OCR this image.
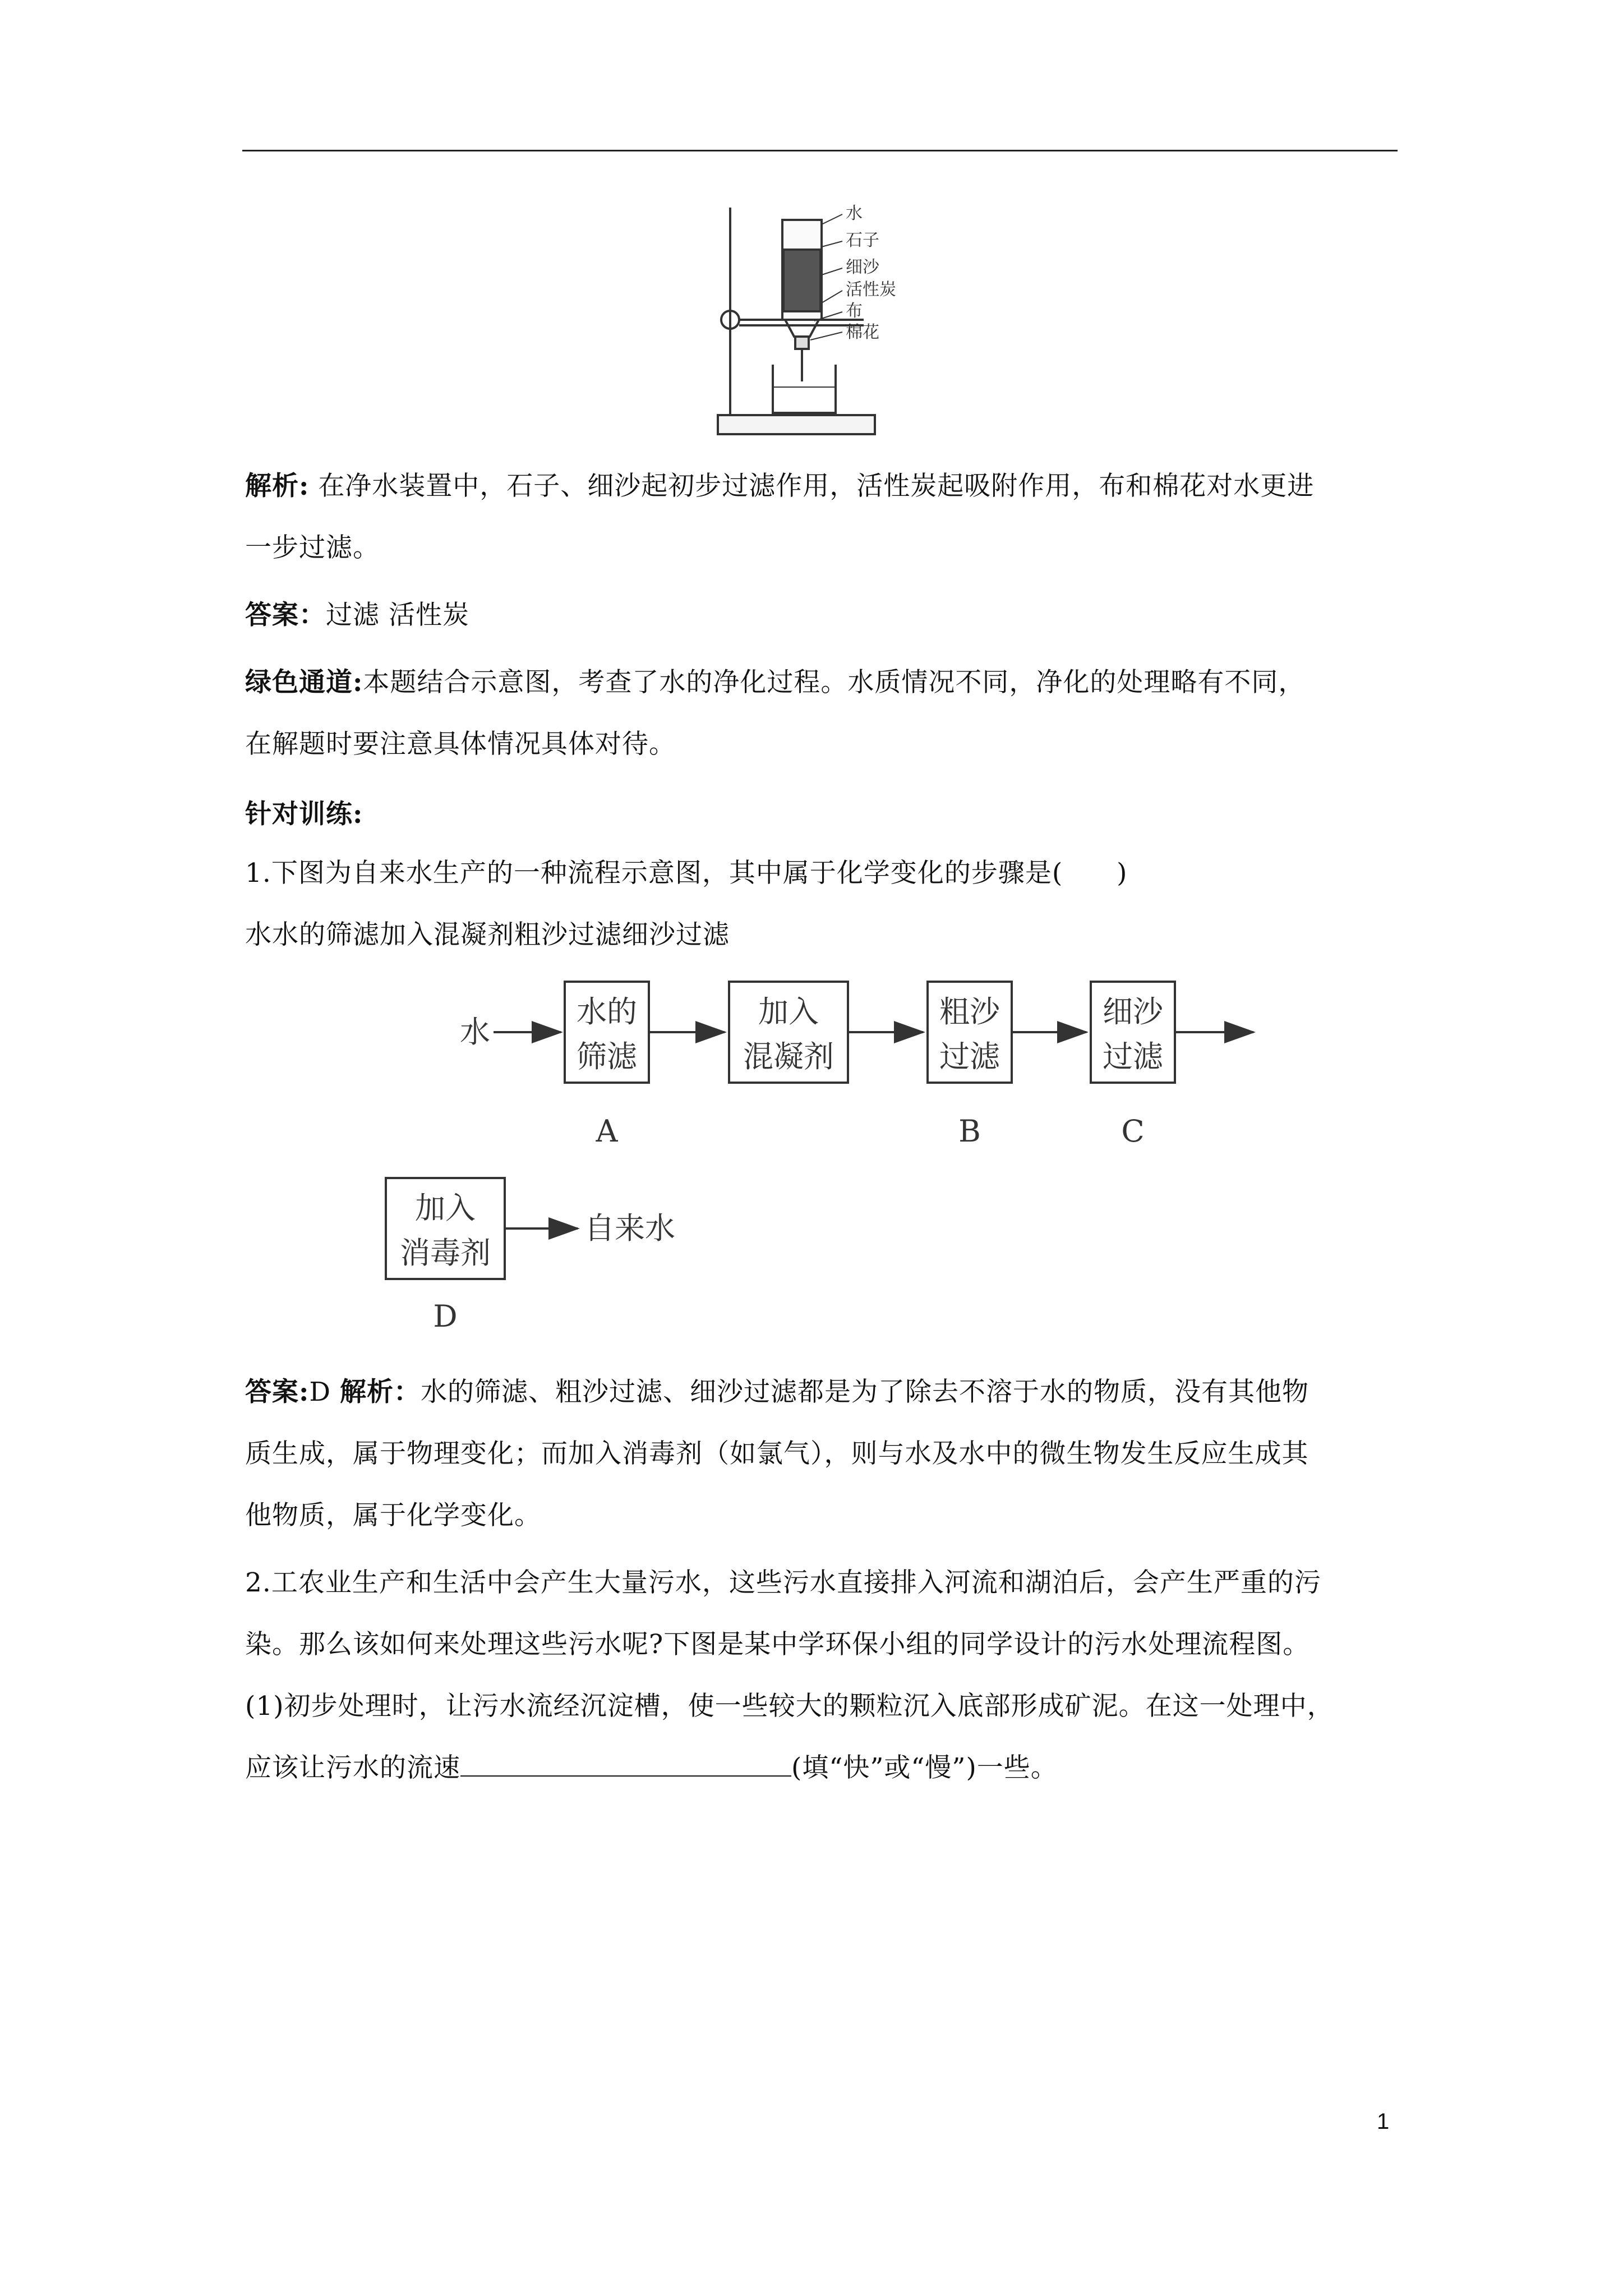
水
石子
细沙
活性炭
布
棉花
解析: 在净水装置中，石子、细沙起初步过滤作用，活性炭起吸附作用，布和棉花对水更进
一步过滤。
答案：过滤 活性炭
绿色通道:本题结合示意图，考查了水的净化过程。水质情况不同，净化的处理略有不同，
在解题时要注意具体情况具体对待。
针对训练:
1.下图为自来水生产的一种流程示意图，其中属于化学变化的步骤是(　　)
水水的筛滤加入混凝剂粗沙过滤细沙过滤
水
水的
筛滤
A
加入
混凝剂
粗沙
过滤
B
细沙
过滤
C
加入
消毒剂
D
自来水
答案:D 解析：水的筛滤、粗沙过滤、细沙过滤都是为了除去不溶于水的物质，没有其他物
质生成，属于物理变化；而加入消毒剂（如氯气），则与水及水中的微生物发生反应生成其
他物质，属于化学变化。
2.工农业生产和生活中会产生大量污水，这些污水直接排入河流和湖泊后，会产生严重的污
染。那么该如何来处理这些污水呢?下图是某中学环保小组的同学设计的污水处理流程图。
(1)初步处理时，让污水流经沉淀槽，使一些较大的颗粒沉入底部形成矿泥。在这一处理中，
应该让污水的流速	(填“快”或“慢”)一些。
1
